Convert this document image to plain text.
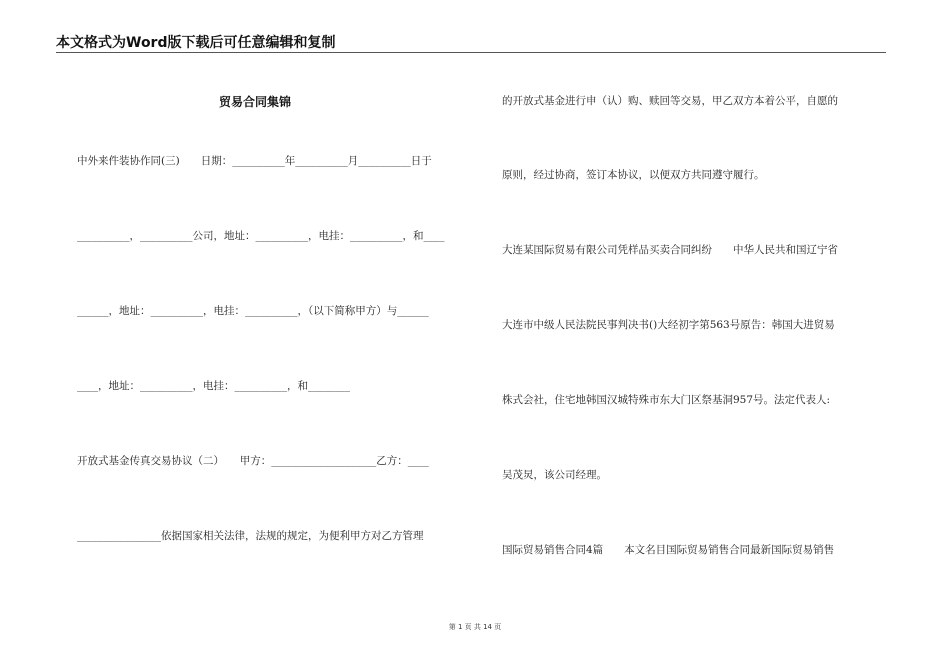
本文格式为Word版下载后可任意编辑和复制
贸易合同集锦
中外来件装协作同(三)　　日期：__________年__________月__________日于
__________，__________公司，地址：__________，电挂：__________，和____
______，地址：__________，电挂：__________，（以下简称甲方）与______
____，地址：__________，电挂：__________，和________
开放式基金传真交易协议（二）　　甲方：____________________乙方：____
________________依据国家相关法律，法规的规定，为便利甲方对乙方管理
的开放式基金进行申（认）购、赎回等交易，甲乙双方本着公平，自愿的
原则，经过协商，签订本协议，以便双方共同遵守履行。
大连某国际贸易有限公司凭样品买卖合同纠纷　　中华人民共和国辽宁省
大连市中级人民法院民事判决书()大经初字第563号原告：韩国大进贸易
株式会社，住宅地韩国汉城特殊市东大门区祭基洞957号。法定代表人:
吴茂炅，该公司经理。
国际贸易销售合同4篇　　本文名目国际贸易销售合同最新国际贸易销售
第 1 页 共 14 页
